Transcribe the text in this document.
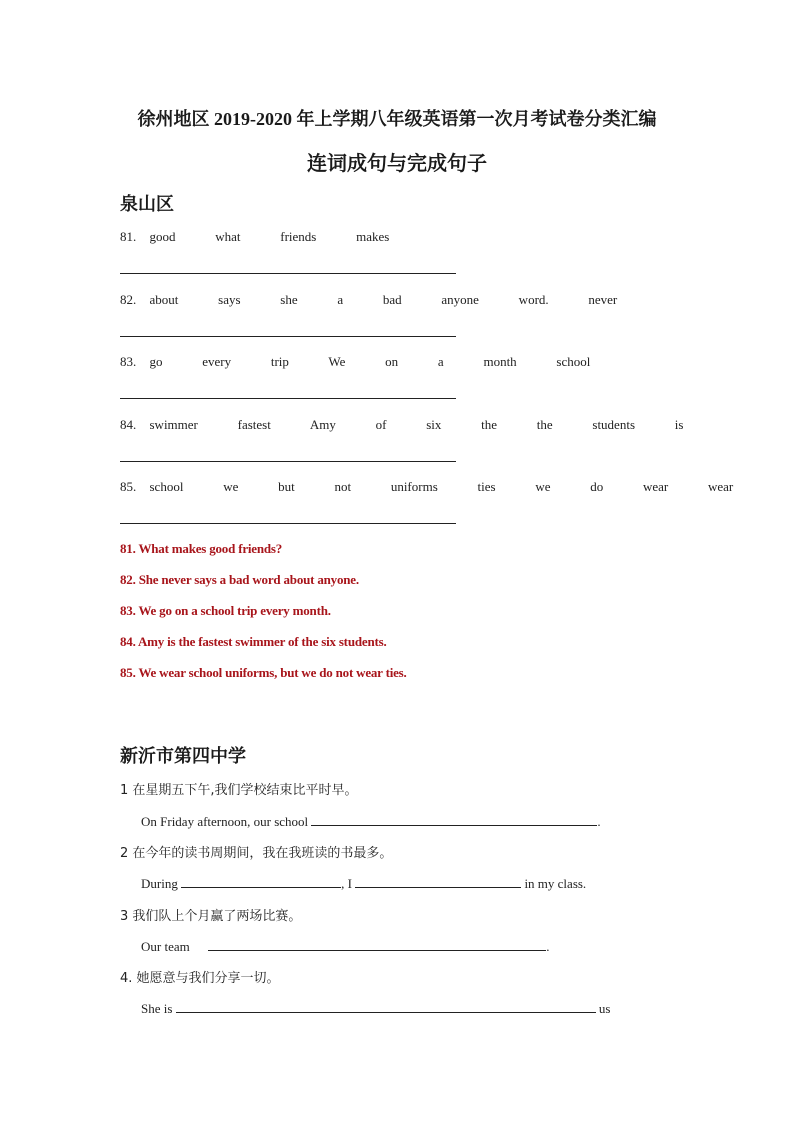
徐州地区 2019-2020 年上学期八年级英语第一次月考试卷分类汇编
连词成句与完成句子
泉山区
81. good   what   friends   makes
82. about   says   she   a   bad   anyone   word.   never
83. go   every   trip   We   on   a   month   school
84. swimmer   fastest   Amy   of   six   the   the   students   is
85. school   we   but   not   uniforms   ties   we   do   wear   wear
81. What makes good friends?
82. She never says a bad word about anyone.
83. We go on a school trip every month.
84. Amy is the fastest swimmer of the six students.
85. We wear school uniforms, but we do not wear ties.
新沂市第四中学
1 在星期五下午,我们学校结束比平时早。
On Friday afternoon, our school	.
2 在今年的读书周期间，我在我班读的书最多。
During	, I	in my class.
3 我们队上个月赢了两场比赛。
Our team	.
4. 她愿意与我们分享一切。
She is	us
